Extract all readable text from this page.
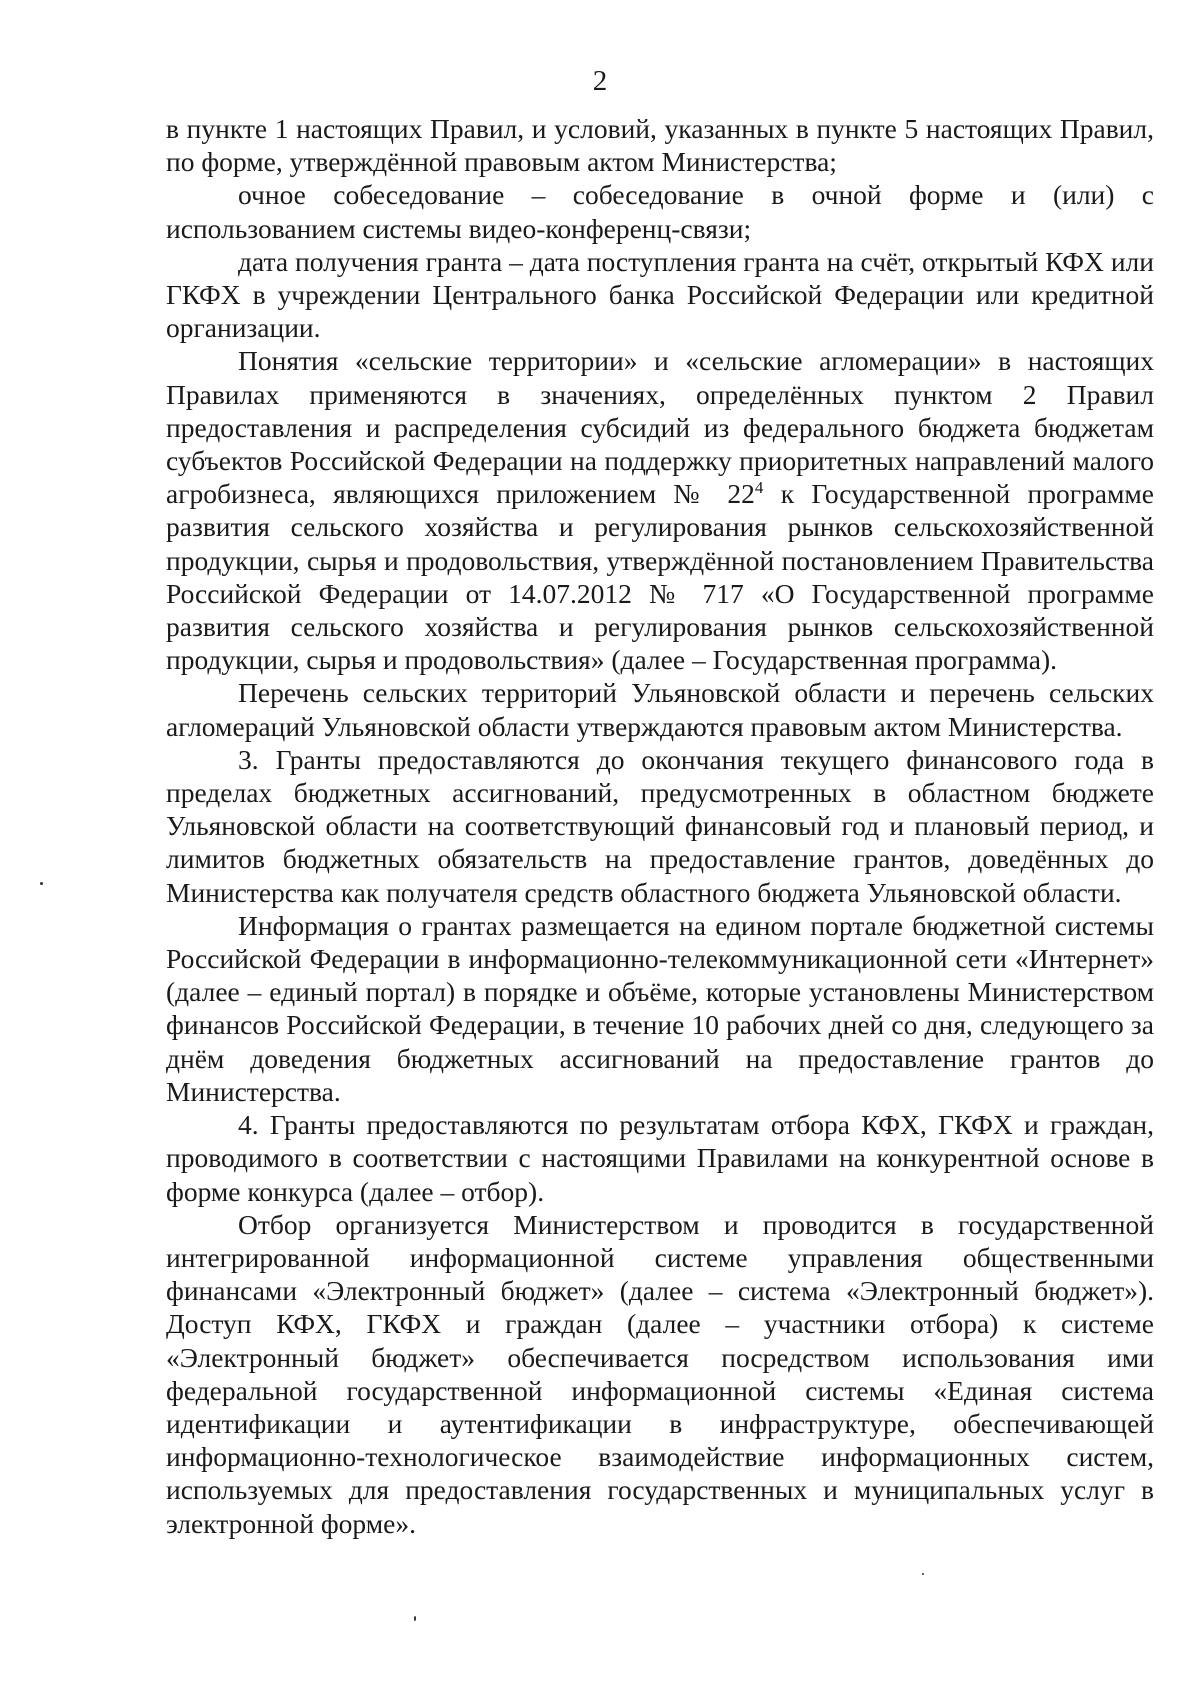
2

в пункте 1 настоящих Правил, и условий, указанных в пункте 5 настоящих Правил, по форме, утверждённой правовым актом Министерства;

очное собеседование – собеседование в очной форме и (или) с использованием системы видео-конференц-связи;

дата получения гранта – дата поступления гранта на счёт, открытый КФХ или ГКФХ в учреждении Центрального банка Российской Федерации или кредитной организации.

Понятия «сельские территории» и «сельские агломерации» в настоящих Правилах применяются в значениях, определённых пунктом 2 Правил предоставления и распределения субсидий из федерального бюджета бюджетам субъектов Российской Федерации на поддержку приоритетных направлений малого агробизнеса, являющихся приложением № $22^4$ к Государственной программе развития сельского хозяйства и регулирования рынков сельскохозяйственной продукции, сырья и продовольствия, утверждённой постановлением Правительства Российской Федерации от 14.07.2012 № 717 «О Государственной программе развития сельского хозяйства и регулирования рынков сельскохозяйственной продукции, сырья и продовольствия» (далее – Государственная программа).

Перечень сельских территорий Ульяновской области и перечень сельских агломераций Ульяновской области утверждаются правовым актом Министерства.

3. Гранты предоставляются до окончания текущего финансового года в пределах бюджетных ассигнований, предусмотренных в областном бюджете Ульяновской области на соответствующий финансовый год и плановый период, и лимитов бюджетных обязательств на предоставление грантов, доведённых до Министерства как получателя средств областного бюджета Ульяновской области.

Информация о грантах размещается на едином портале бюджетной системы Российской Федерации в информационно-телекоммуникационной сети «Интернет» (далее – единый портал) в порядке и объёме, которые установлены Министерством финансов Российской Федерации, в течение 10 рабочих дней со дня, следующего за днём доведения бюджетных ассигнований на предоставление грантов до Министерства.

4. Гранты предоставляются по результатам отбора КФХ, ГКФХ и граждан, проводимого в соответствии с настоящими Правилами на конкурентной основе в форме конкурса (далее – отбор).

Отбор организуется Министерством и проводится в государственной интегрированной информационной системе управления общественными финансами «Электронный бюджет» (далее – система «Электронный бюджет»). Доступ КФХ, ГКФХ и граждан (далее – участники отбора) к системе «Электронный бюджет» обеспечивается посредством использования ими федеральной государственной информационной системы «Единая система идентификации и аутентификации в инфраструктуре, обеспечивающей информационно-технологическое взаимодействие информационных систем, используемых для предоставления государственных и муниципальных услуг в электронной форме».
